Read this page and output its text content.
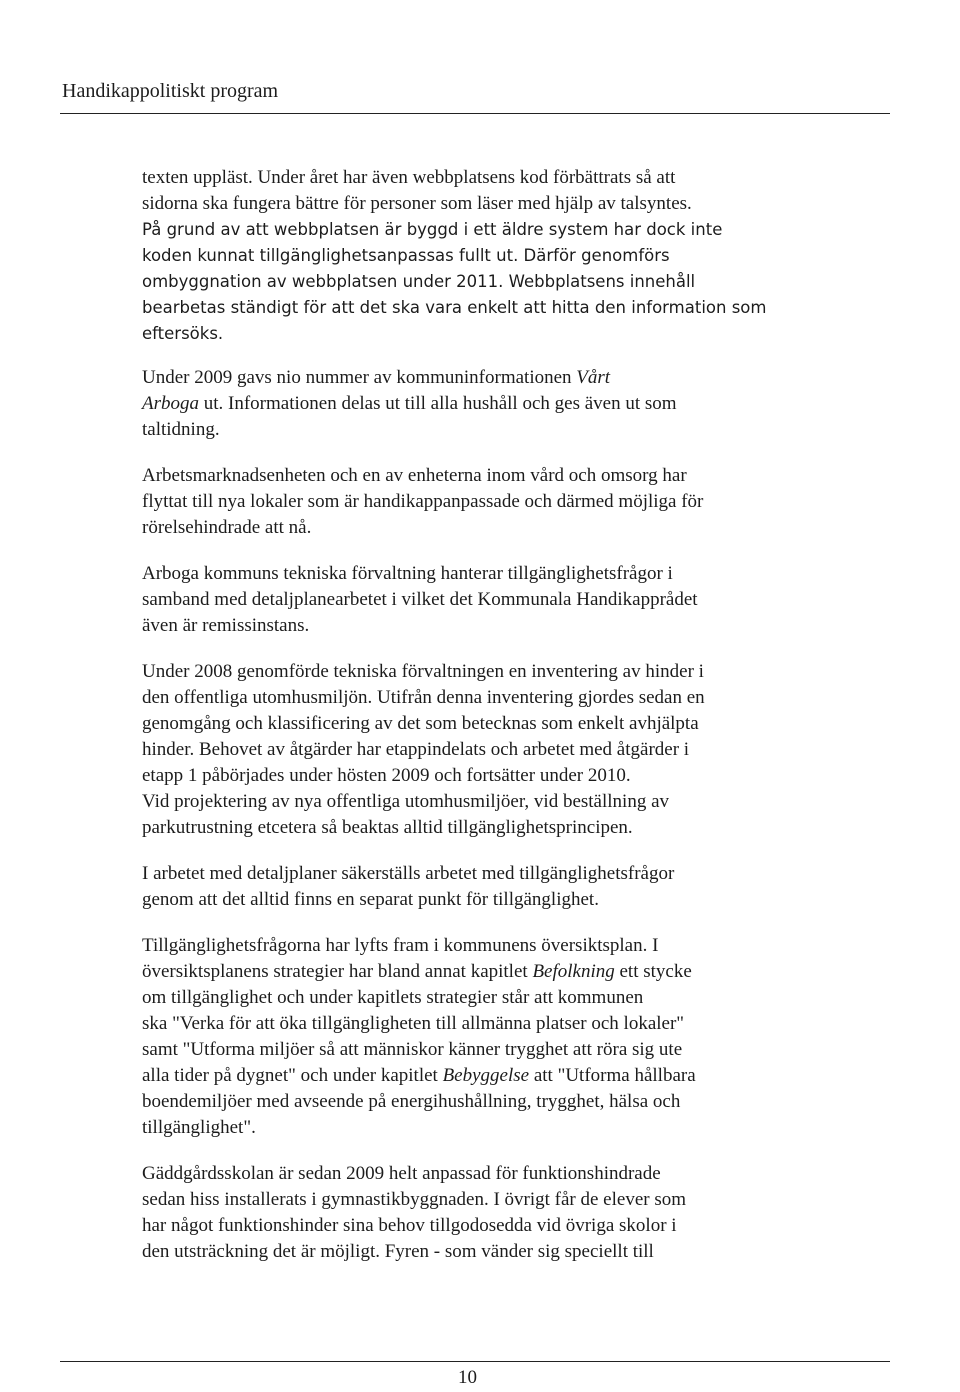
Handikappolitiskt program

texten uppläst. Under året har även webbplatsens kod förbättrats så att
sidorna ska fungera bättre för personer som läser med hjälp av talsyntes.
På grund av att webbplatsen är byggd i ett äldre system har dock inte
koden kunnat tillgänglighetsanpassas fullt ut. Därför genomförs
ombyggnation av webbplatsen under 2011. Webbplatsens innehåll
bearbetas ständigt för att det ska vara enkelt att hitta den information som
eftersöks.

Under 2009 gavs nio nummer av kommuninformationen Vårt
Arboga ut. Informationen delas ut till alla hushåll och ges även ut som
taltidning.

Arbetsmarknadsenheten och en av enheterna inom vård och omsorg har
flyttat till nya lokaler som är handikappanpassade och därmed möjliga för
rörelsehindrade att nå.

Arboga kommuns tekniska förvaltning hanterar tillgänglighetsfrågor i
samband med detaljplanearbetet i vilket det Kommunala Handikapprådet
även är remissinstans.

Under 2008 genomförde tekniska förvaltningen en inventering av hinder i
den offentliga utomhusmiljön. Utifrån denna inventering gjordes sedan en
genomgång och klassificering av det som betecknas som enkelt avhjälpta
hinder. Behovet av åtgärder har etappindelats och arbetet med åtgärder i
etapp 1 påbörjades under hösten 2009 och fortsätter under 2010.
Vid projektering av nya offentliga utomhusmiljöer, vid beställning av
parkutrustning etcetera så beaktas alltid tillgänglighetsprincipen.

I arbetet med detaljplaner säkerställs arbetet med tillgänglighetsfrågor
genom att det alltid finns en separat punkt för tillgänglighet.

Tillgänglighetsfrågorna har lyfts fram i kommunens översiktsplan. I
översiktsplanens strategier har bland annat kapitlet Befolkning ett stycke
om tillgänglighet och under kapitlets strategier står att kommunen
ska "Verka för att öka tillgängligheten till allmänna platser och lokaler"
samt "Utforma miljöer så att människor känner trygghet att röra sig ute
alla tider på dygnet" och under kapitlet Bebyggelse att "Utforma hållbara
boendemiljöer med avseende på energihushållning, trygghet, hälsa och
tillgänglighet".

Gäddgårdsskolan är sedan 2009 helt anpassad för funktionshindrade
sedan hiss installerats i gymnastikbyggnaden. I övrigt får de elever som
har något funktionshinder sina behov tillgodosedda vid övriga skolor i
den utsträckning det är möjligt. Fyren - som vänder sig speciellt till

10
